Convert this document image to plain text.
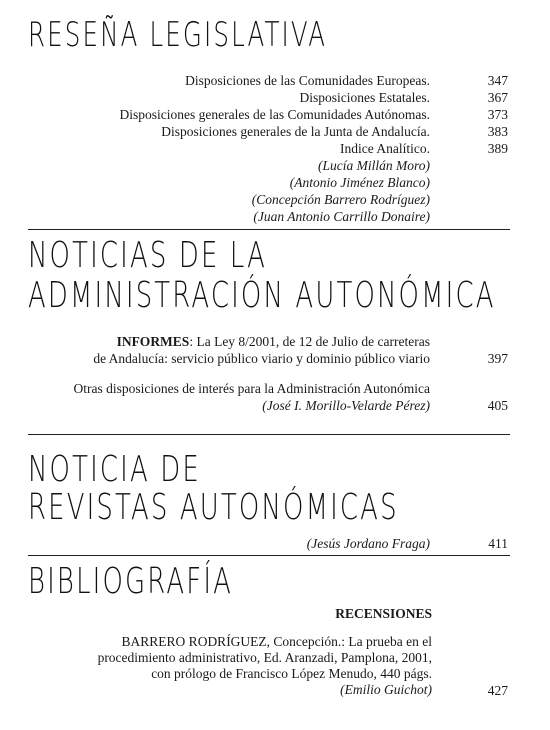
RESEÑA LEGISLATIVA
Disposiciones de las Comunidades Europeas.	347
Disposiciones Estatales.	367
Disposiciones generales de las Comunidades Autónomas.	373
Disposiciones generales de la Junta de Andalucía.	383
Indice Analítico.	389
(Lucía Millán Moro)
(Antonio Jiménez Blanco)
(Concepción Barrero Rodríguez)
(Juan Antonio Carrillo Donaire)
NOTICIAS DE LA
ADMINISTRACIÓN AUTONÓMICA
INFORMES: La Ley 8/2001, de 12 de Julio de carreteras
de Andalucía: servicio público viario y dominio público viario	397
Otras disposiciones de interés para la Administración Autonómica
(José I. Morillo-Velarde Pérez)	405
NOTICIA DE
REVISTAS AUTONÓMICAS
(Jesús Jordano Fraga)	411
BIBLIOGRAFÍA
RECENSIONES
BARRERO RODRÍGUEZ, Concepción.: La prueba en el
procedimiento administrativo, Ed. Aranzadi, Pamplona, 2001,
con prólogo de Francisco López Menudo, 440 págs.
(Emilio Guichot)	427
